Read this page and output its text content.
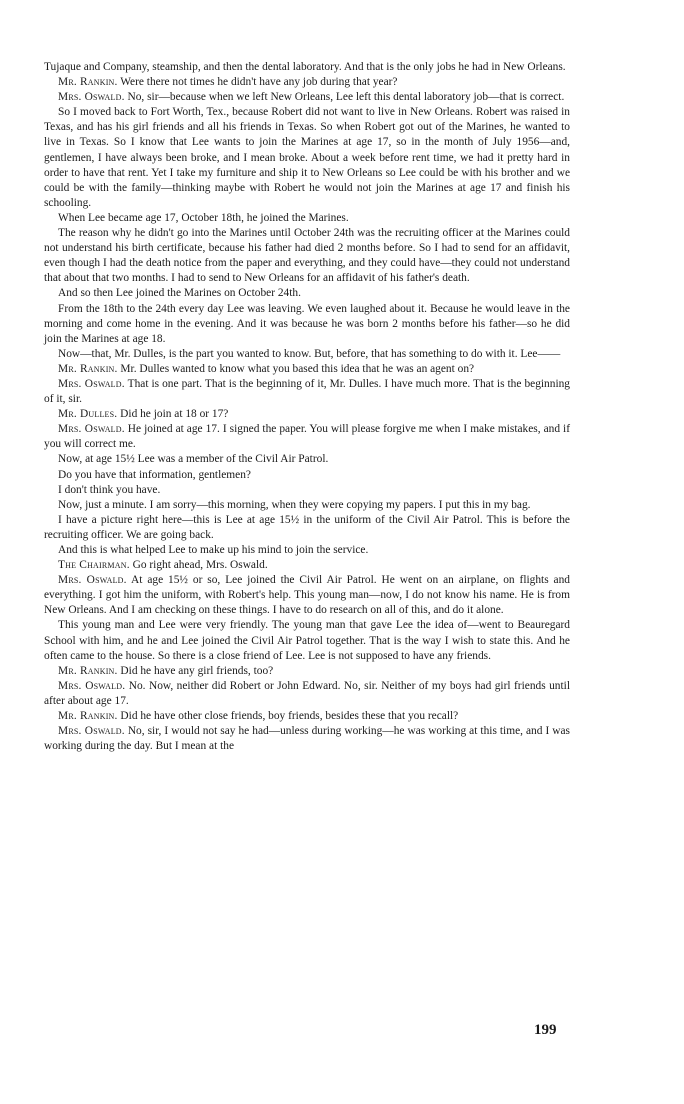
Tujaque and Company, steamship, and then the dental laboratory. And that is the only jobs he had in New Orleans.

Mr. Rankin. Were there not times he didn't have any job during that year?

Mrs. Oswald. No, sir—because when we left New Orleans, Lee left this dental laboratory job—that is correct.

So I moved back to Fort Worth, Tex., because Robert did not want to live in New Orleans. Robert was raised in Texas, and has his girl friends and all his friends in Texas. So when Robert got out of the Marines, he wanted to live in Texas. So I know that Lee wants to join the Marines at age 17, so in the month of July 1956—and, gentlemen, I have always been broke, and I mean broke. About a week before rent time, we had it pretty hard in order to have that rent. Yet I take my furniture and ship it to New Orleans so Lee could be with his brother and we could be with the family—thinking maybe with Robert he would not join the Marines at age 17 and finish his schooling.

When Lee became age 17, October 18th, he joined the Marines.

The reason why he didn't go into the Marines until October 24th was the recruiting officer at the Marines could not understand his birth certificate, because his father had died 2 months before. So I had to send for an affidavit, even though I had the death notice from the paper and everything, and they could have—they could not understand that about that two months. I had to send to New Orleans for an affidavit of his father's death.

And so then Lee joined the Marines on October 24th.

From the 18th to the 24th every day Lee was leaving. We even laughed about it. Because he would leave in the morning and come home in the evening. And it was because he was born 2 months before his father—so he did join the Marines at age 18.

Now—that, Mr. Dulles, is the part you wanted to know. But, before, that has something to do with it. Lee——

Mr. Rankin. Mr. Dulles wanted to know what you based this idea that he was an agent on?

Mrs. Oswald. That is one part. That is the beginning of it, Mr. Dulles. I have much more. That is the beginning of it, sir.

Mr. Dulles. Did he join at 18 or 17?

Mrs. Oswald. He joined at age 17. I signed the paper. You will please forgive me when I make mistakes, and if you will correct me.

Now, at age 15½ Lee was a member of the Civil Air Patrol.

Do you have that information, gentlemen?

I don't think you have.

Now, just a minute. I am sorry—this morning, when they were copying my papers. I put this in my bag.

I have a picture right here—this is Lee at age 15½ in the uniform of the Civil Air Patrol. This is before the recruiting officer. We are going back.

And this is what helped Lee to make up his mind to join the service.

The Chairman. Go right ahead, Mrs. Oswald.

Mrs. Oswald. At age 15½ or so, Lee joined the Civil Air Patrol. He went on an airplane, on flights and everything. I got him the uniform, with Robert's help. This young man—now, I do not know his name. He is from New Orleans. And I am checking on these things. I have to do research on all of this, and do it alone.

This young man and Lee were very friendly. The young man that gave Lee the idea of—went to Beauregard School with him, and he and Lee joined the Civil Air Patrol together. That is the way I wish to state this. And he often came to the house. So there is a close friend of Lee. Lee is not supposed to have any friends.

Mr. Rankin. Did he have any girl friends, too?

Mrs. Oswald. No. Now, neither did Robert or John Edward. No, sir. Neither of my boys had girl friends until after about age 17.

Mr. Rankin. Did he have other close friends, boy friends, besides these that you recall?

Mrs. Oswald. No, sir, I would not say he had—unless during working—he was working at this time, and I was working during the day. But I mean at the

199
